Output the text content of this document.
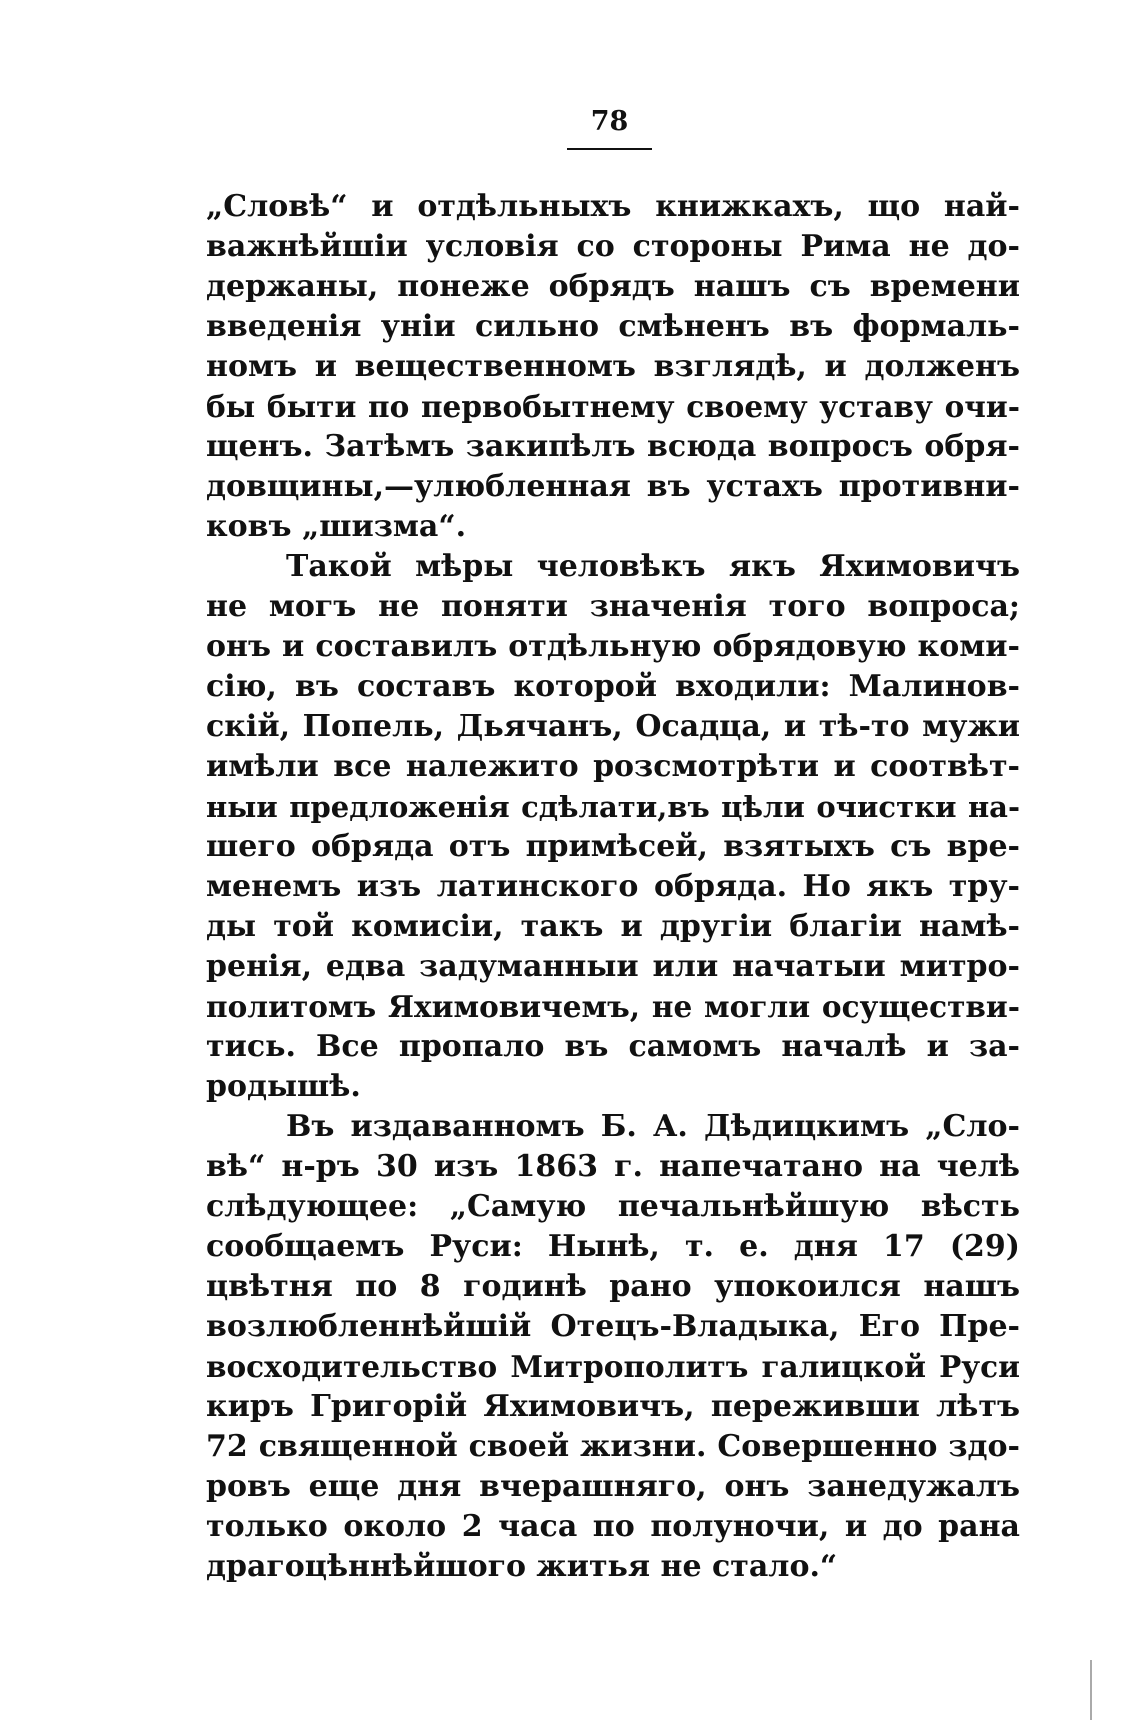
78
„Словѣ“ и отдѣльныхъ книжкахъ, що най-
важнѣйшіи условія со стороны Рима не до-
держаны, понеже обрядъ нашъ съ времени
введенія уніи сильно смѣненъ въ формаль-
номъ и вещественномъ взглядѣ, и долженъ
бы быти по первобытнему своему уставу очи-
щенъ. Затѣмъ закипѣлъ всюда вопросъ обря-
довщины,—улюбленная въ устахъ противни-
ковъ „шизма“.
Такой мѣры человѣкъ якъ Яхимовичъ
не могъ не поняти значенія того вопроса;
онъ и составилъ отдѣльную обрядовую коми-
сію, въ составъ которой входили: Малинов-
скій, Попель, Дьячанъ, Осадца, и тѣ-то мужи
имѣли все належито розсмотрѣти и соотвѣт-
ныи предложенія сдѣлати,въ цѣли очистки на-
шего обряда отъ примѣсей, взятыхъ съ вре-
менемъ изъ латинского обряда. Но якъ тру-
ды той комисіи, такъ и другіи благіи намѣ-
ренія, едва задуманныи или начатыи митро-
политомъ Яхимовичемъ, не могли осуществи-
тись. Все пропало въ самомъ началѣ и за-
родышѣ.
Въ издаванномъ Б. А. Дѣдицкимъ „Сло-
вѣ“ н-ръ 30 изъ 1863 г. напечатано на челѣ
слѣдующее: „Самую печальнѣйшую вѣсть
сообщаемъ Руси: Нынѣ, т. е. дня 17 (29)
цвѣтня по 8 годинѣ рано упокоился нашъ
возлюбленнѣйшій Отецъ-Владыка, Его Пре-
восходительство Митрополитъ галицкой Руси
киръ Григорій Яхимовичъ, переживши лѣтъ
72 священной своей жизни. Совершенно здо-
ровъ еще дня вчерашняго, онъ занедужалъ
только около 2 часа по полуночи, и до рана
драгоцѣннѣйшого житья не стало.“
